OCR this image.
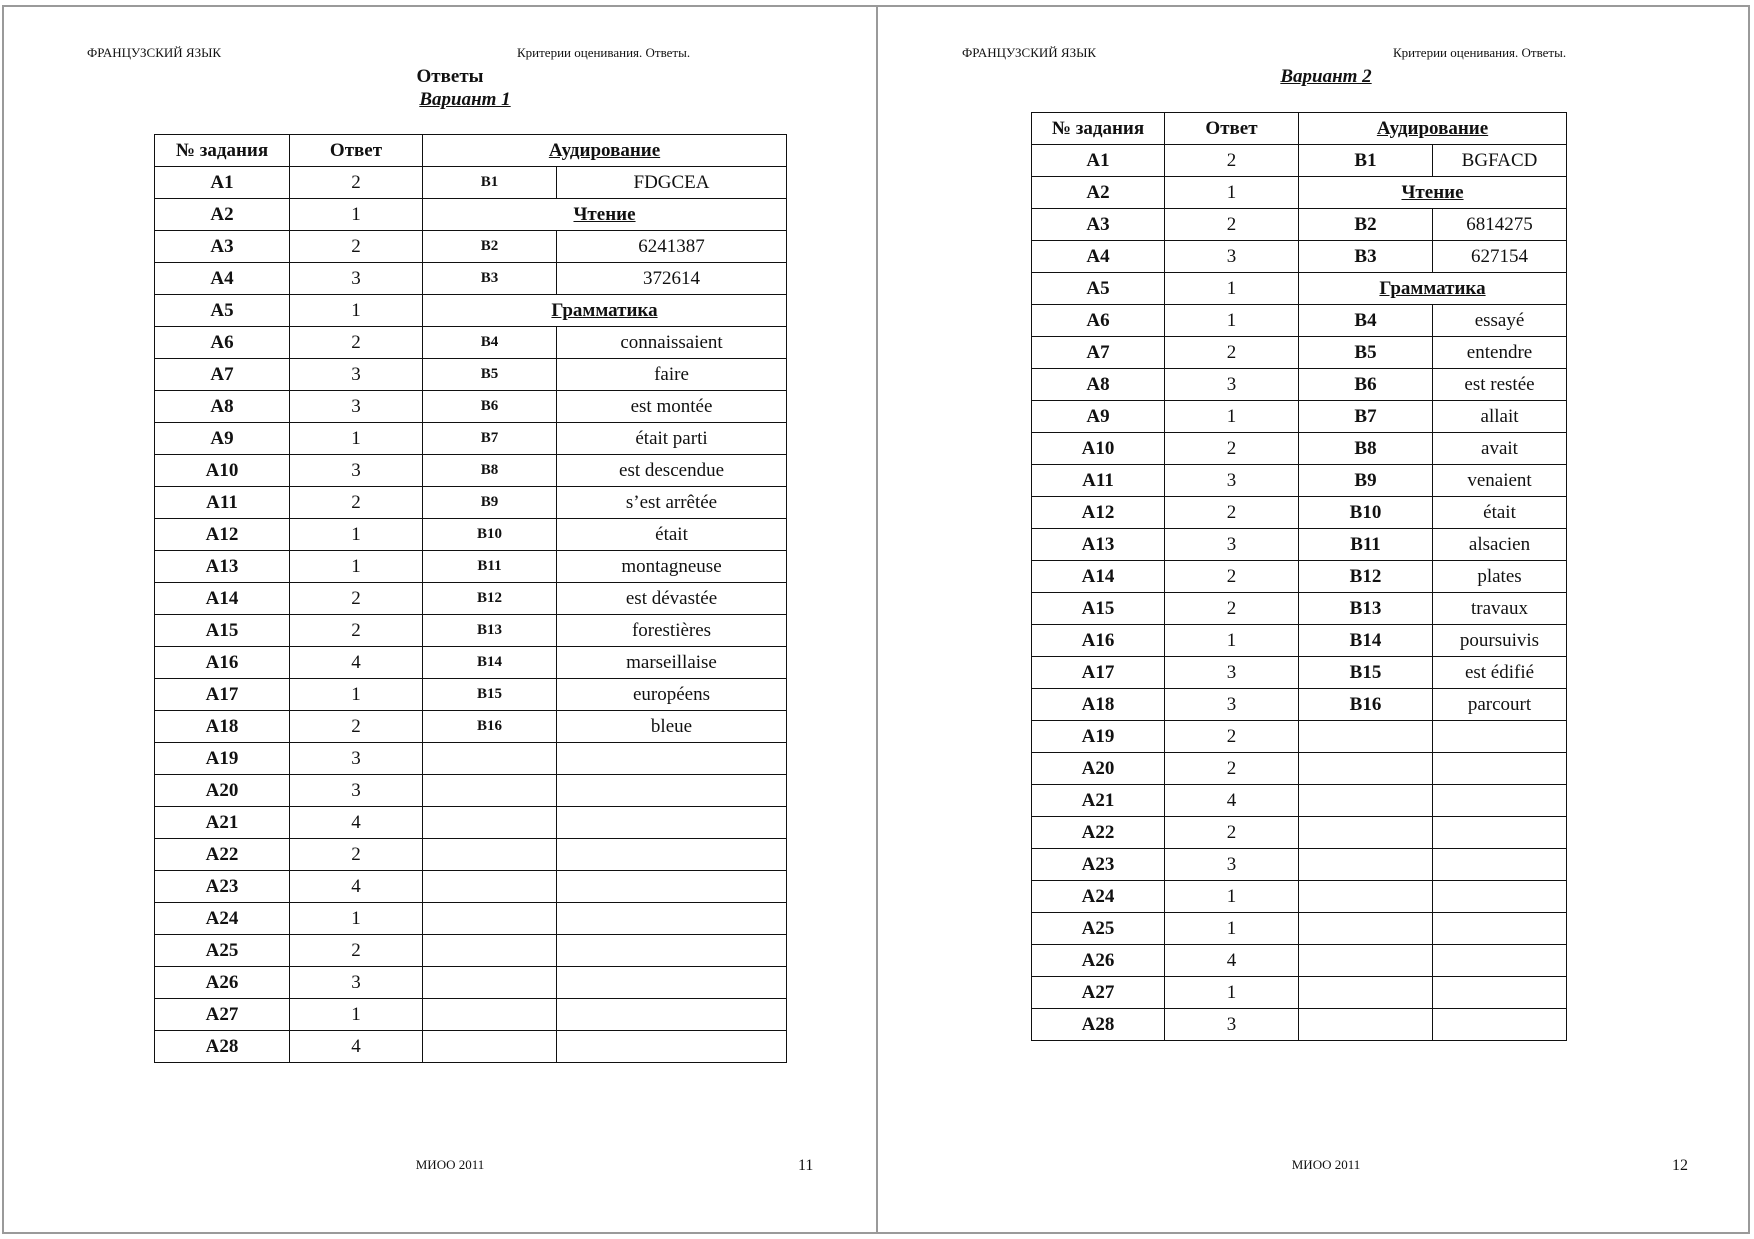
ФРАНЦУЗСКИЙ ЯЗЫК	Критерии оценивания. Ответы.
Ответы
Вариант 1
№ задания	Ответ	Аудирование	
A1	2	B1	FDGCEA
A2	1	Чтение	
A3	2	B2	6241387
A4	3	B3	372614
A5	1	Грамматика	
A6	2	B4	connaissaient
A7	3	B5	faire
A8	3	B6	est montée
A9	1	B7	était parti
A10	3	B8	est descendue
A11	2	B9	s’est arrêtée
A12	1	B10	était
A13	1	B11	montagneuse
A14	2	B12	est dévastée
A15	2	B13	forestières
A16	4	B14	marseillaise
A17	1	B15	européens
A18	2	B16	bleue
A19	3		
A20	3		
A21	4		
A22	2		
A23	4		
A24	1		
A25	2		
A26	3		
A27	1		
A28	4		
МИОО 2011	11
ФРАНЦУЗСКИЙ ЯЗЫК	Критерии оценивания. Ответы.
Вариант 2
№ задания	Ответ	Аудирование	
A1	2	B1	BGFACD
A2	1	Чтение	
A3	2	B2	6814275
A4	3	B3	627154
A5	1	Грамматика	
A6	1	B4	essayé
A7	2	B5	entendre
A8	3	B6	est restée
A9	1	B7	allait
A10	2	B8	avait
A11	3	B9	venaient
A12	2	B10	était
A13	3	B11	alsacien
A14	2	B12	plates
A15	2	B13	travaux
A16	1	B14	poursuivis
A17	3	B15	est édifié
A18	3	B16	parcourt
A19	2		
A20	2		
A21	4		
A22	2		
A23	3		
A24	1		
A25	1		
A26	4		
A27	1		
A28	3		
МИОО 2011	12
